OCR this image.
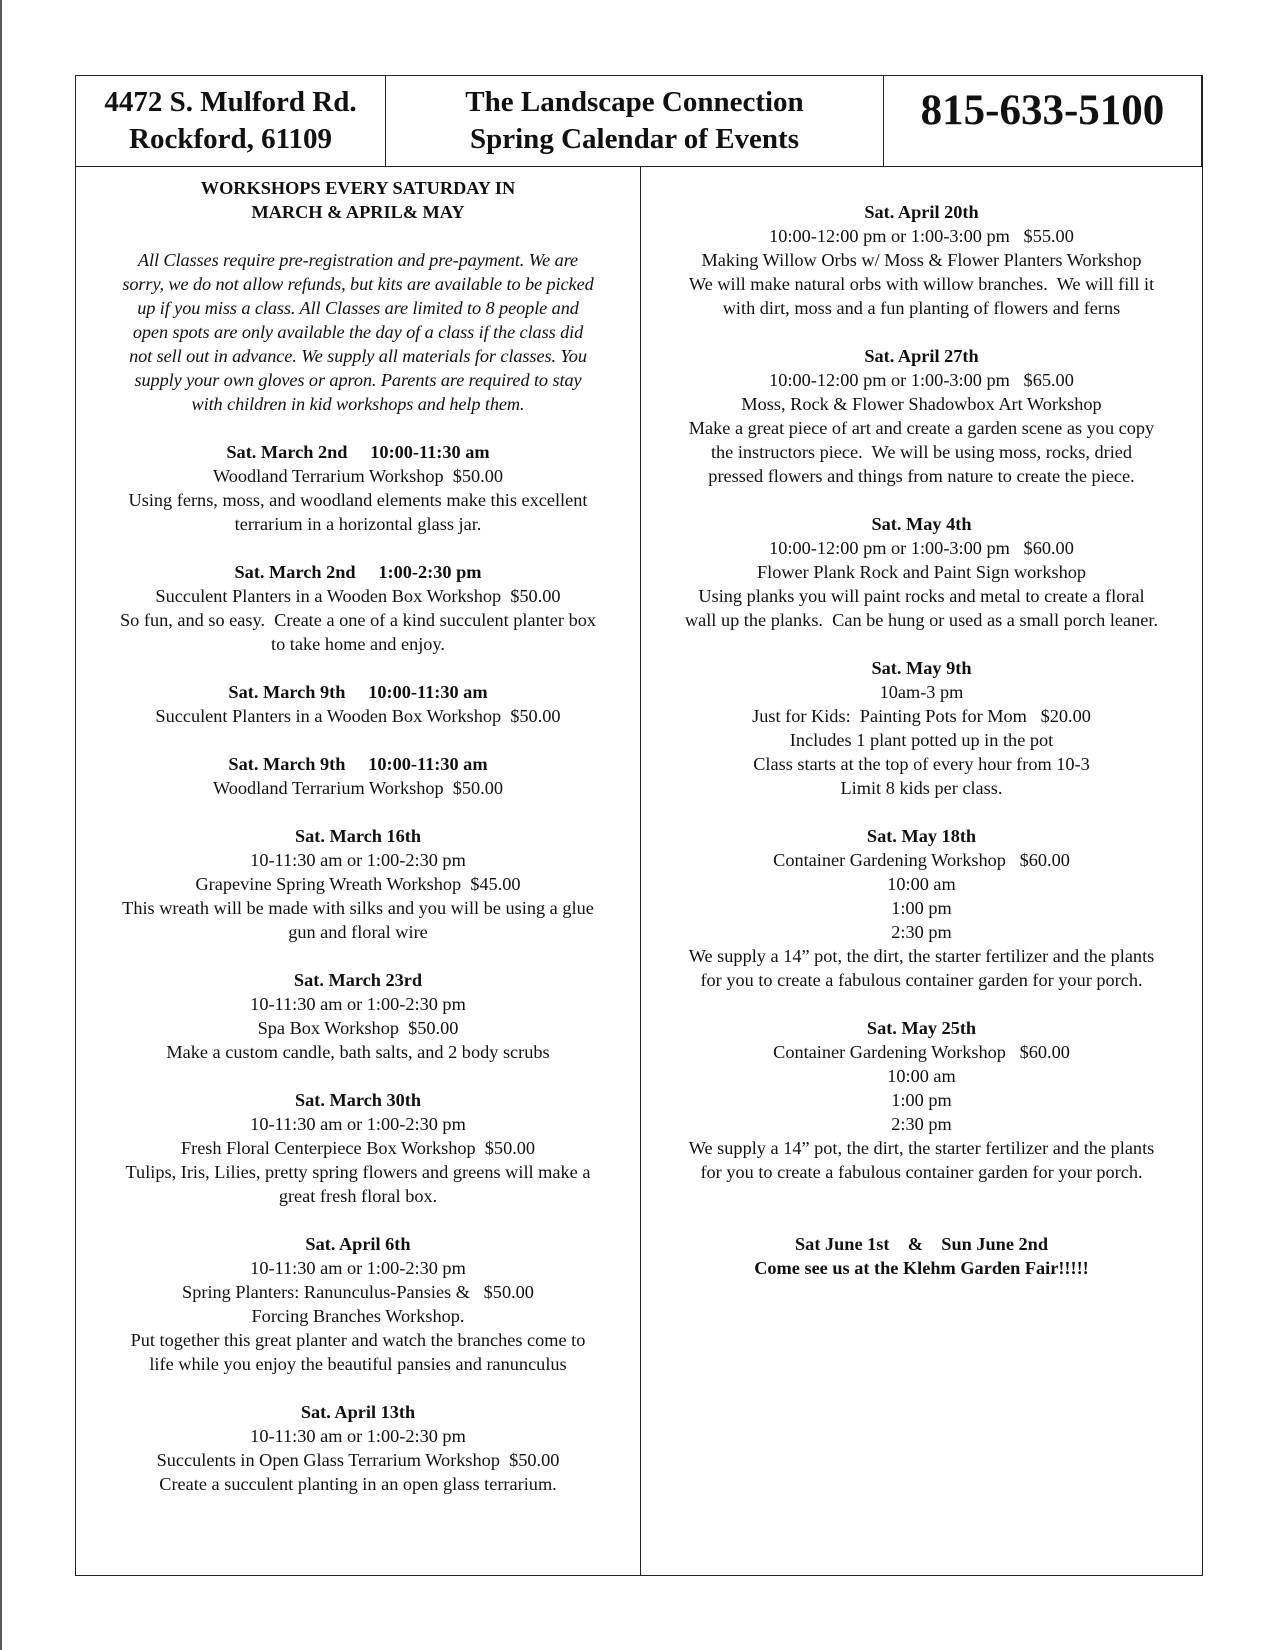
4472 S. Mulford Rd.
Rockford, 61109
The Landscape Connection
Spring Calendar of Events
815-633-5100
WORKSHOPS EVERY SATURDAY IN
MARCH & APRIL& MAY
All Classes require pre-registration and pre-payment. We are
sorry, we do not allow refunds, but kits are available to be picked
up if you miss a class. All Classes are limited to 8 people and
open spots are only available the day of a class if the class did
not sell out in advance. We supply all materials for classes. You
supply your own gloves or apron. Parents are required to stay
with children in kid workshops and help them.
Sat. March 2nd     10:00-11:30 am
Woodland Terrarium Workshop  $50.00
Using ferns, moss, and woodland elements make this excellent
terrarium in a horizontal glass jar.
Sat. March 2nd     1:00-2:30 pm
Succulent Planters in a Wooden Box Workshop  $50.00
So fun, and so easy.  Create a one of a kind succulent planter box
to take home and enjoy.
Sat. March 9th     10:00-11:30 am
Succulent Planters in a Wooden Box Workshop  $50.00
Sat. March 9th     10:00-11:30 am
Woodland Terrarium Workshop  $50.00
Sat. March 16th
10-11:30 am or 1:00-2:30 pm
Grapevine Spring Wreath Workshop  $45.00
This wreath will be made with silks and you will be using a glue
gun and floral wire
Sat. March 23rd
10-11:30 am or 1:00-2:30 pm
Spa Box Workshop  $50.00
Make a custom candle, bath salts, and 2 body scrubs
Sat. March 30th
10-11:30 am or 1:00-2:30 pm
Fresh Floral Centerpiece Box Workshop  $50.00
Tulips, Iris, Lilies, pretty spring flowers and greens will make a
great fresh floral box.
Sat. April 6th
10-11:30 am or 1:00-2:30 pm
Spring Planters: Ranunculus-Pansies &   $50.00
Forcing Branches Workshop.
Put together this great planter and watch the branches come to
life while you enjoy the beautiful pansies and ranunculus
Sat. April 13th
10-11:30 am or 1:00-2:30 pm
Succulents in Open Glass Terrarium Workshop  $50.00
Create a succulent planting in an open glass terrarium.
Sat. April 20th
10:00-12:00 pm or 1:00-3:00 pm   $55.00
Making Willow Orbs w/ Moss & Flower Planters Workshop
We will make natural orbs with willow branches.  We will fill it
with dirt, moss and a fun planting of flowers and ferns
Sat. April 27th
10:00-12:00 pm or 1:00-3:00 pm   $65.00
Moss, Rock & Flower Shadowbox Art Workshop
Make a great piece of art and create a garden scene as you copy
the instructors piece.  We will be using moss, rocks, dried
pressed flowers and things from nature to create the piece.
Sat. May 4th
10:00-12:00 pm or 1:00-3:00 pm   $60.00
Flower Plank Rock and Paint Sign workshop
Using planks you will paint rocks and metal to create a floral
wall up the planks.  Can be hung or used as a small porch leaner.
Sat. May 9th
10am-3 pm
Just for Kids:  Painting Pots for Mom   $20.00
Includes 1 plant potted up in the pot
Class starts at the top of every hour from 10-3
Limit 8 kids per class.
Sat. May 18th
Container Gardening Workshop   $60.00
10:00 am
1:00 pm
2:30 pm
We supply a 14” pot, the dirt, the starter fertilizer and the plants
for you to create a fabulous container garden for your porch.
Sat. May 25th
Container Gardening Workshop   $60.00
10:00 am
1:00 pm
2:30 pm
We supply a 14” pot, the dirt, the starter fertilizer and the plants
for you to create a fabulous container garden for your porch.
Sat June 1st    &    Sun June 2nd
Come see us at the Klehm Garden Fair!!!!!
